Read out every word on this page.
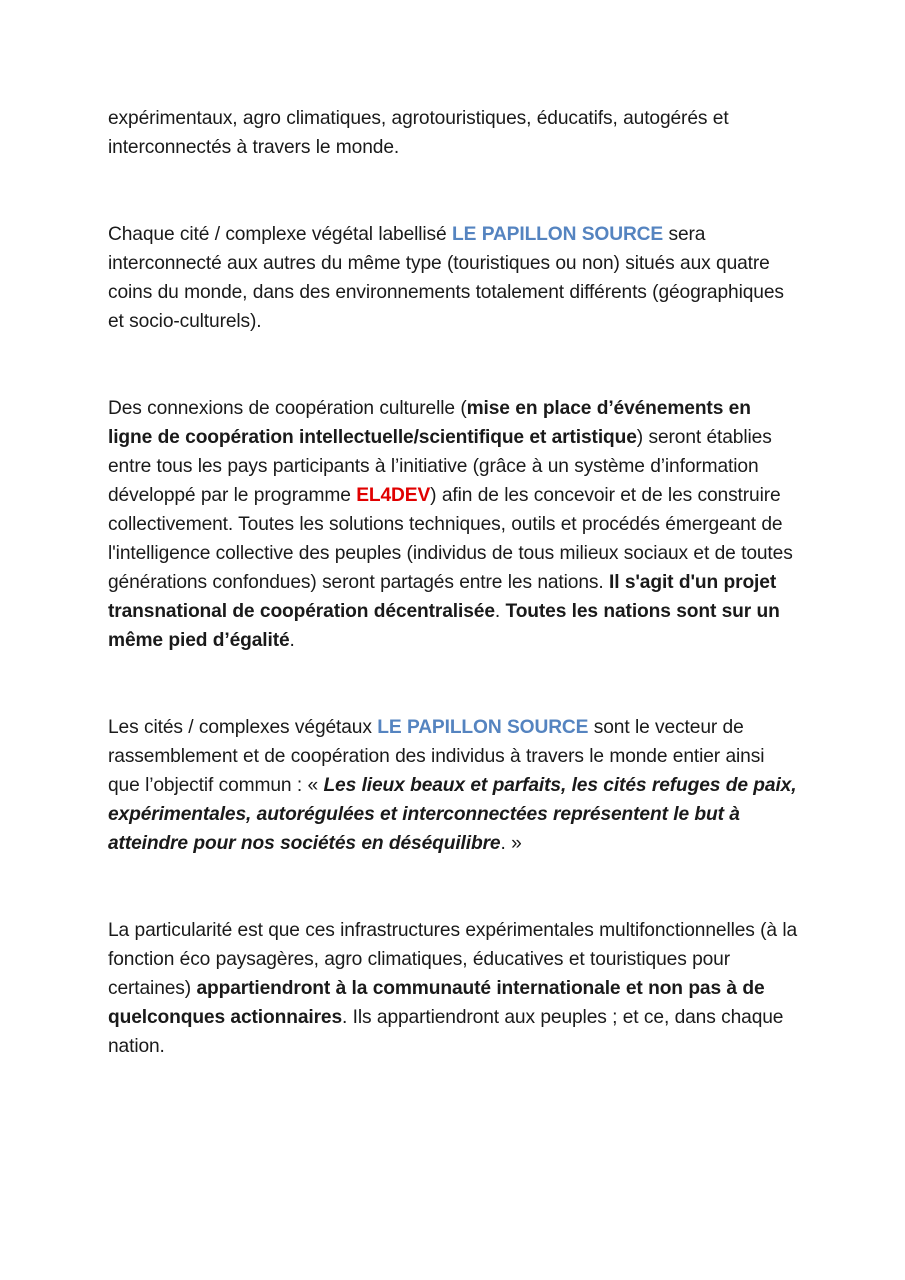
expérimentaux, agro climatiques, agrotouristiques, éducatifs, autogérés et interconnectés à travers le monde.

Chaque cité / complexe végétal labellisé LE PAPILLON SOURCE sera interconnecté aux autres du même type (touristiques ou non) situés aux quatre coins du monde, dans des environnements totalement différents (géographiques et socio-culturels).

Des connexions de coopération culturelle (mise en place d’événements en ligne de coopération intellectuelle/scientifique et artistique) seront établies entre tous les pays participants à l’initiative (grâce à un système d’information développé par le programme EL4DEV) afin de les concevoir et de les construire collectivement. Toutes les solutions techniques, outils et procédés émergeant de l'intelligence collective des peuples (individus de tous milieux sociaux et de toutes générations confondues) seront partagés entre les nations. Il s'agit d'un projet transnational de coopération décentralisée. Toutes les nations sont sur un même pied d’égalité.

Les cités / complexes végétaux LE PAPILLON SOURCE sont le vecteur de rassemblement et de coopération des individus à travers le monde entier ainsi que l’objectif commun : « Les lieux beaux et parfaits, les cités refuges de paix, expérimentales, autorégulées et interconnectées représentent le but à atteindre pour nos sociétés en déséquilibre. »

La particularité est que ces infrastructures expérimentales multifonctionnelles (à la fonction éco paysagères, agro climatiques, éducatives et touristiques pour certaines) appartiendront à la communauté internationale et non pas à de quelconques actionnaires. Ils appartiendront aux peuples ; et ce, dans chaque nation.
